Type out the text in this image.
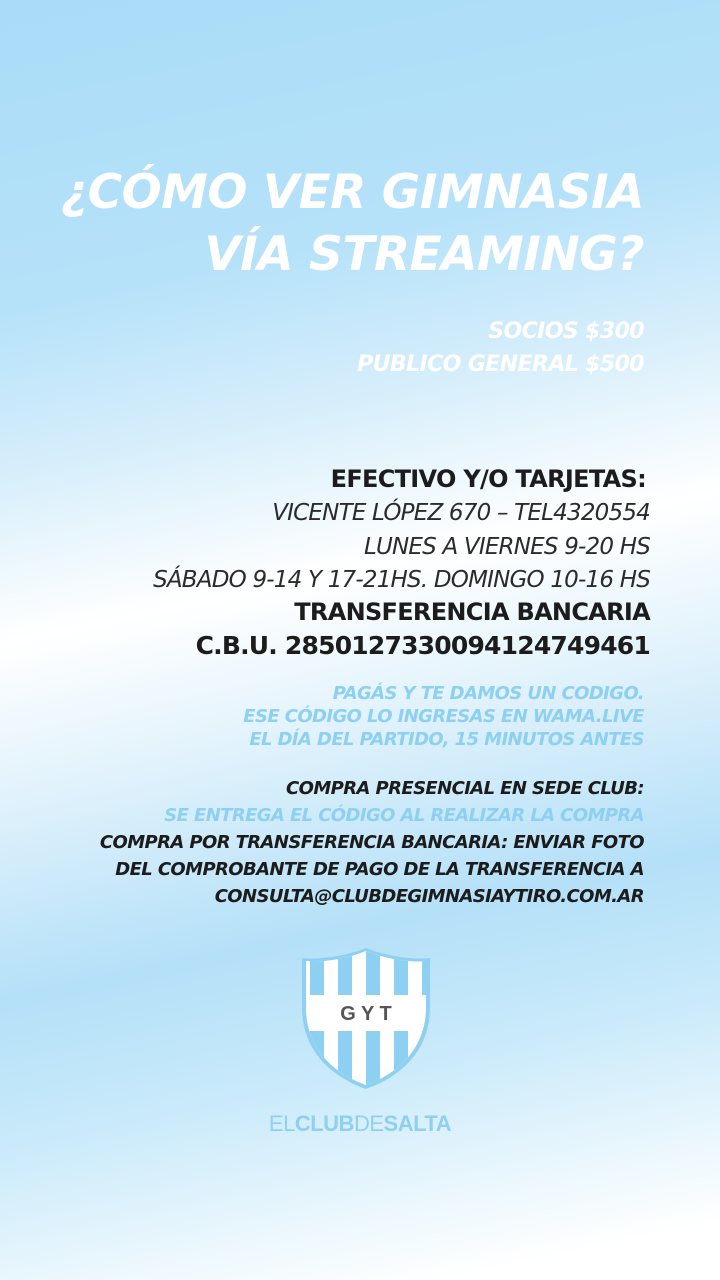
¿CÓMO VER GIMNASIA
VÍA STREAMING?
SOCIOS $300
PUBLICO GENERAL $500
EFECTIVO Y/O TARJETAS:
VICENTE LÓPEZ 670 – TEL4320554
LUNES A VIERNES 9-20 HS
SÁBADO 9-14 Y 17-21HS. DOMINGO 10-16 HS
TRANSFERENCIA BANCARIA
C.B.U. 2850127330094124749461
PAGÁS Y TE DAMOS UN CODIGO.
ESE CÓDIGO LO INGRESAS EN WAMA.LIVE
EL DÍA DEL PARTIDO, 15 MINUTOS ANTES
COMPRA PRESENCIAL EN SEDE CLUB:
SE ENTREGA EL CÓDIGO AL REALIZAR LA COMPRA
COMPRA POR TRANSFERENCIA BANCARIA: ENVIAR FOTO
DEL COMPROBANTE DE PAGO DE LA TRANSFERENCIA A
CONSULTA@CLUBDEGIMNASIAYTIRO.COM.AR
G Y T
ELCLUBDESALTA
